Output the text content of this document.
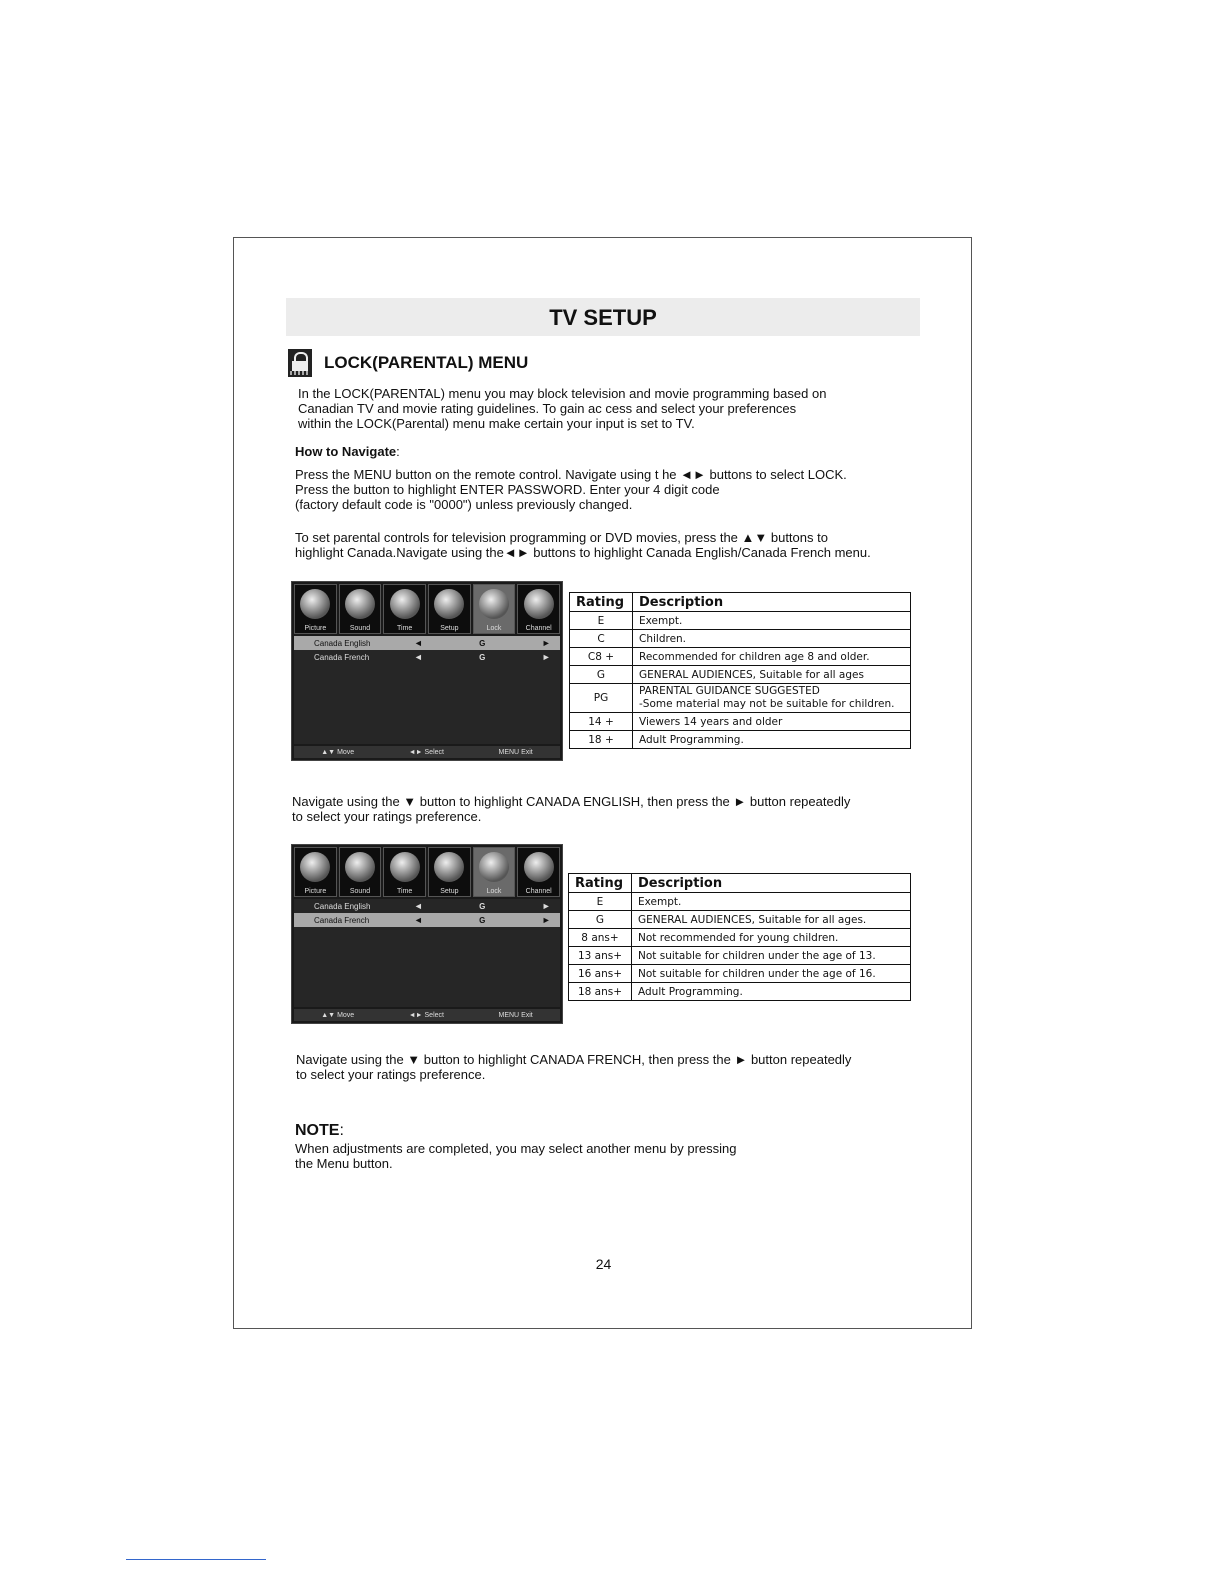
TV SETUP
LOCK(PARENTAL) MENU
In the LOCK(PARENTAL) menu you may block television and movie programming based on
Canadian TV and movie rating guidelines. To gain ac cess and select your preferences
within the LOCK(Parental) menu make certain your input is set to TV.
How to Navigate:
Press the MENU button on the remote control. Navigate using t he ◄► buttons to select LOCK.
Press the button to highlight ENTER PASSWORD. Enter your 4 digit code
(factory default code is "0000") unless previously changed.
To set parental controls for television programming or DVD movies, press the ▲▼ buttons to
highlight Canada.Navigate using the◄► buttons to highlight Canada English/Canada French menu.
Picture	Sound	Time	Setup	Lock	Channel
Canada English	◄	G	►
Canada French	◄	G	►
▲▼ Move	◄► Select	MENU Exit
Rating	Description
E	Exempt.
C	Children.
C8 +	Recommended for children age 8 and older.
G	GENERAL AUDIENCES, Suitable for all ages
PG	PARENTAL GUIDANCE SUGGESTED
-Some material may not be suitable for children.
14 +	Viewers 14 years and older
18 +	Adult Programming.
Navigate using the ▼ button to highlight CANADA ENGLISH, then press the ► button repeatedly
to select your ratings preference.
Picture	Sound	Time	Setup	Lock	Channel
Canada English	◄	G	►
Canada French	◄	G	►
▲▼ Move	◄► Select	MENU Exit
Rating	Description
E	Exempt.
G	GENERAL AUDIENCES, Suitable for all ages.
8 ans+	Not recommended for young children.
13 ans+	Not suitable for children under the age of 13.
16 ans+	Not suitable for children under the age of 16.
18 ans+	Adult Programming.
Navigate using the ▼ button to highlight CANADA FRENCH, then press the ► button repeatedly
to select your ratings preference.
NOTE:
When adjustments are completed, you may select another menu by pressing
the Menu button.
24
